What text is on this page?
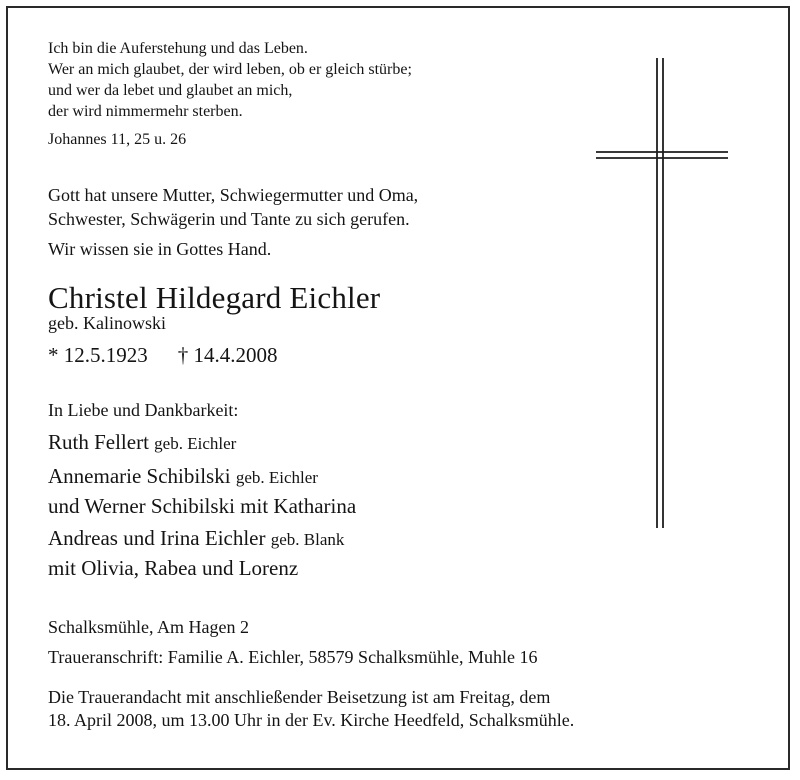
Ich bin die Auferstehung und das Leben.
Wer an mich glaubet, der wird leben, ob er gleich stürbe;
und wer da lebet und glaubet an mich,
der wird nimmermehr sterben.
Johannes 11, 25 u. 26
Gott hat unsere Mutter, Schwiegermutter und Oma,
Schwester, Schwägerin und Tante zu sich gerufen.
Wir wissen sie in Gottes Hand.
Christel Hildegard Eichler
geb. Kalinowski
* 12.5.1923 † 14.4.2008
In Liebe und Dankbarkeit:
Ruth Fellert geb. Eichler
Annemarie Schibilski geb. Eichler
und Werner Schibilski mit Katharina
Andreas und Irina Eichler geb. Blank
mit Olivia, Rabea und Lorenz
Schalksmühle, Am Hagen 2
Traueranschrift: Familie A. Eichler, 58579 Schalksmühle, Muhle 16
Die Trauerandacht mit anschließender Beisetzung ist am Freitag, dem
18. April 2008, um 13.00 Uhr in der Ev. Kirche Heedfeld, Schalksmühle.
